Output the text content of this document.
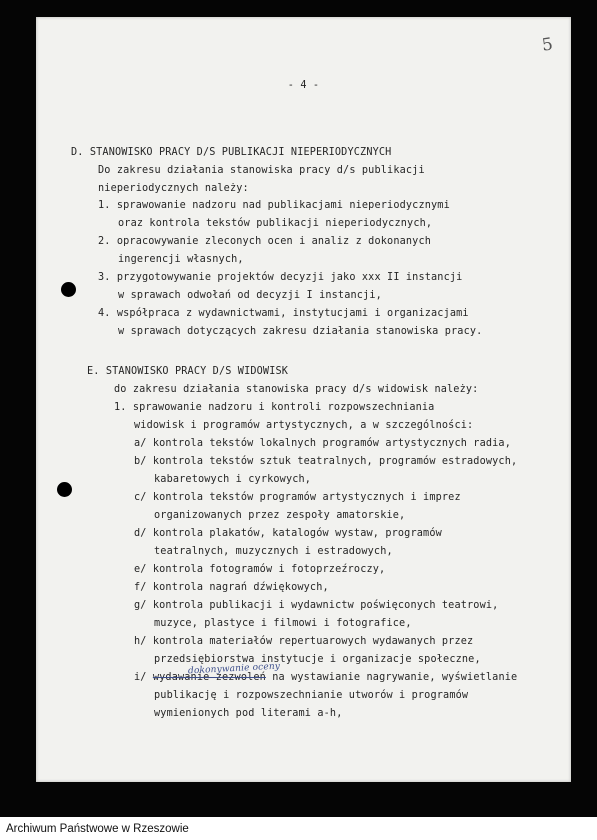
5
- 4 -
D. STANOWISKO PRACY D/S PUBLIKACJI NIEPERIODYCZNYCH
Do zakresu działania stanowiska pracy d/s publikacji
nieperiodycznych należy:
1. sprawowanie nadzoru nad publikacjami nieperiodycznymi
oraz kontrola tekstów publikacji nieperiodycznych,
2. opracowywanie zleconych ocen i analiz z dokonanych
ingerencji własnych,
3. przygotowywanie projektów decyzji jako xxx II instancji
w sprawach odwołań od decyzji I instancji,
4. współpraca z wydawnictwami, instytucjami i organizacjami
w sprawach dotyczących zakresu działania stanowiska pracy.
E. STANOWISKO PRACY D/S WIDOWISK
do zakresu działania stanowiska pracy d/s widowisk należy:
1. sprawowanie nadzoru i kontroli rozpowszechniania
widowisk i programów artystycznych, a w szczególności:
a/ kontrola tekstów lokalnych programów artystycznych radia,
b/ kontrola tekstów sztuk teatralnych, programów estradowych,
kabaretowych i cyrkowych,
c/ kontrola tekstów programów artystycznych i imprez
organizowanych przez zespoły amatorskie,
d/ kontrola plakatów, katalogów wystaw, programów
teatralnych, muzycznych i estradowych,
e/ kontrola fotogramów i fotoprzeźroczy,
f/ kontrola nagrań dźwiękowych,
g/ kontrola publikacji i wydawnictw poświęconych teatrowi,
muzyce, plastyce i filmowi i fotografice,
h/ kontrola materiałów repertuarowych wydawanych przez
przedsiębiorstwa instytucje i organizacje społeczne,
i/ wydawanie zezwoleń
dokonywanie oceny
na wystawianie nagrywanie, wyświetlanie
publikację i rozpowszechnianie utworów i programów
wymienionych pod literami a-h,
Archiwum Państwowe w Rzeszowie
